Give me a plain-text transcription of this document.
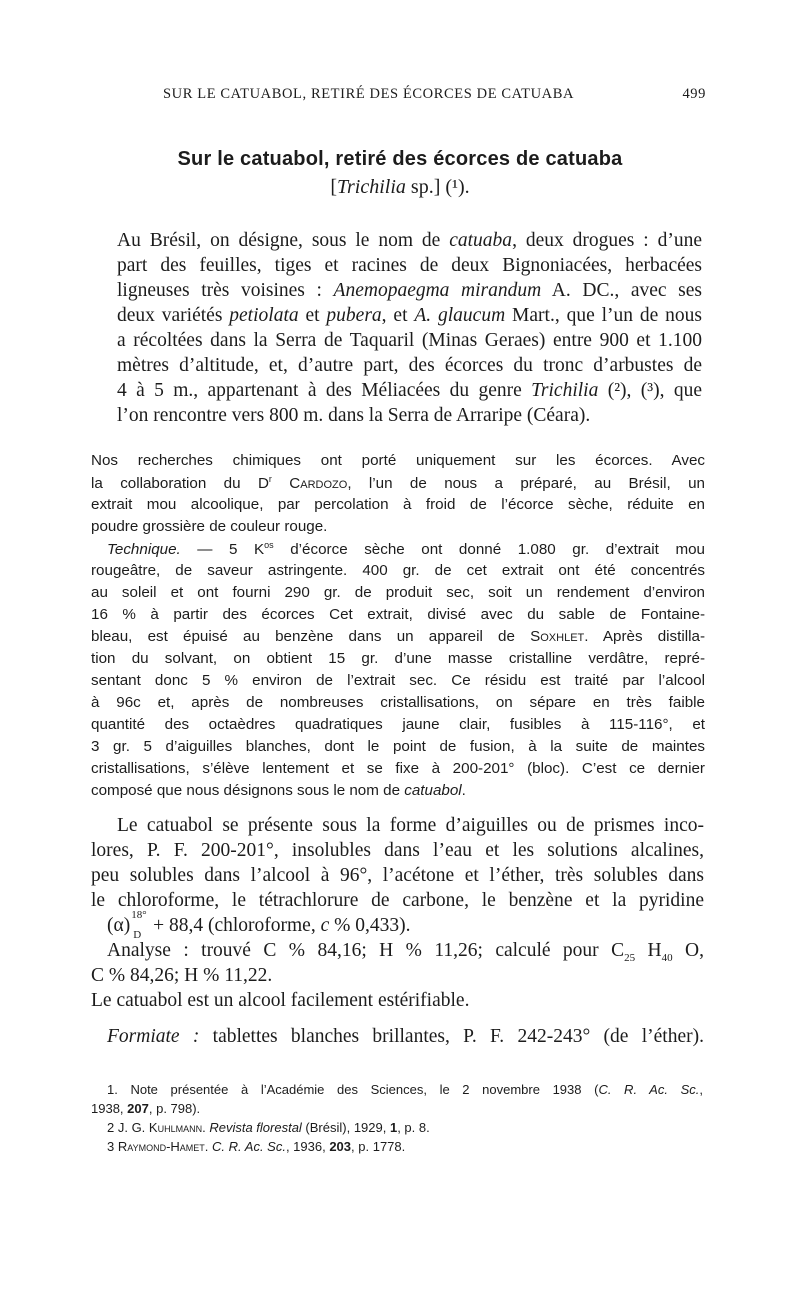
SUR LE CATUABOL, RETIRÉ DES ÉCORCES DE CATUABA	499
Sur le catuabol, retiré des écorces de catuaba
[Trichilia sp.] (¹).
Au Brésil, on désigne, sous le nom de catuaba, deux drogues : d’une
part des feuilles, tiges et racines de deux Bignoniacées, herbacées
ligneuses très voisines : Anemopaegma mirandum A. DC., avec ses
deux variétés petiolata et pubera, et A. glaucum Mart., que l’un de nous
a récoltées dans la Serra de Taquaril (Minas Geraes) entre 900 et 1.100
mètres d’altitude, et, d’autre part, des écorces du tronc d’arbustes de
4 à 5 m., appartenant à des Méliacées du genre Trichilia (²), (³), que
l’on rencontre vers 800 m. dans la Serra de Arraripe (Céara).
Nos recherches chimiques ont porté uniquement sur les écorces. Avec
la collaboration du $D^r$ Cardozo, l’un de nous a préparé, au Brésil, un
extrait mou alcoolique, par percolation à froid de l’écorce sèche, réduite en
poudre grossière de couleur rouge.
Technique. — 5 $K^{os}$ d’écorce sèche ont donné 1.080 gr. d’extrait mou
rougeâtre, de saveur astringente. 400 gr. de cet extrait ont été concentrés
au soleil et ont fourni 290 gr. de produit sec, soit un rendement d’environ
16 % à partir des écorces Cet extrait, divisé avec du sable de Fontaine-
bleau, est épuisé au benzène dans un appareil de Soxhlet. Après distilla-
tion du solvant, on obtient 15 gr. d’une masse cristalline verdâtre, repré-
sentant donc 5 % environ de l’extrait sec. Ce résidu est traité par l’alcool
à 96c et, après de nombreuses cristallisations, on sépare en très faible
quantité des octaèdres quadratiques jaune clair, fusibles à 115-116°, et
3 gr. 5 d’aiguilles blanches, dont le point de fusion, à la suite de maintes
cristallisations, s’élève lentement et se fixe à 200-201° (bloc). C’est ce dernier
composé que nous désignons sous le nom de catuabol.
Le catuabol se présente sous la forme d’aiguilles ou de prismes inco-
lores, P. F. 200-201°, insolubles dans l’eau et les solutions alcalines,
peu solubles dans l’alcool à 96°, l’acétone et l’éther, très solubles dans
le chloroforme, le tétrachlorure de carbone, le benzène et la pyridine
(α) 18°
D + 88,4 (chloroforme, c % 0,433).
Analyse : trouvé C % 84,16; H % 11,26; calculé pour $C_{25}$ $H_{40}$ O,
C % 84,26; H % 11,22.
Le catuabol est un alcool facilement estérifiable.
Formiate : tablettes blanches brillantes, P. F. 242-243° (de l’éther).
1. Note présentée à l’Académie des Sciences, le 2 novembre 1938 (C. R. Ac. Sc.,
1938, 207, p. 798).
2 J. G. Kuhlmann. Revista florestal (Brésil), 1929, 1, p. 8.
3 Raymond-Hamet. C. R. Ac. Sc., 1936, 203, p. 1778.
